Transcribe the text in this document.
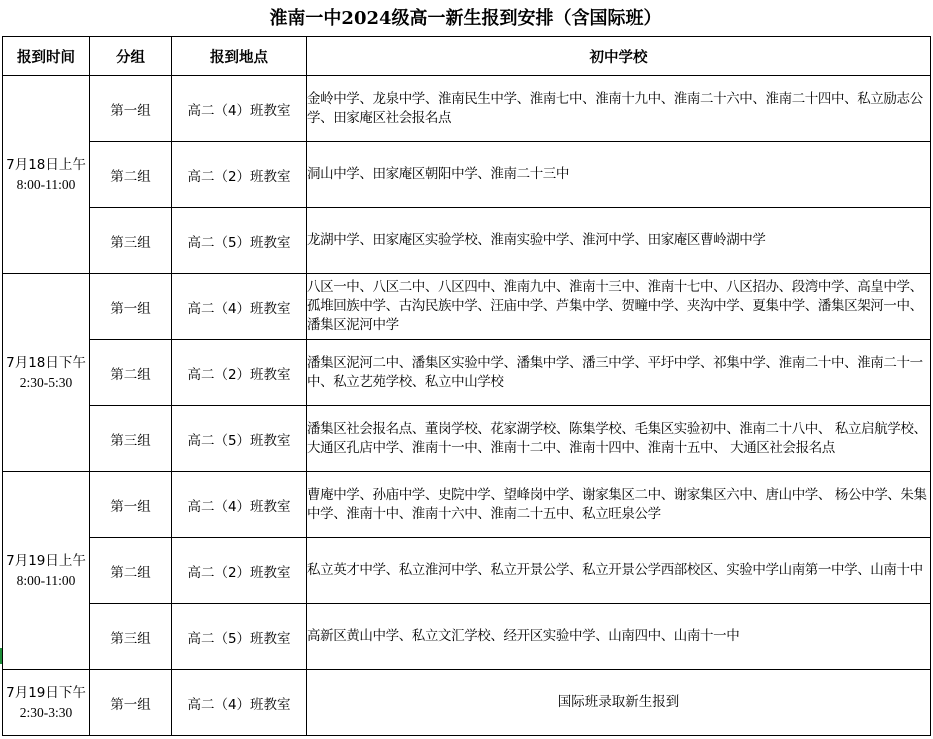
淮南一中2024级高一新生报到安排（含国际班）
报到时间	分组	报到地点	初中学校

7月18日上午
8:00-11:00	第一组	高二（4）班教室	金岭中学、龙泉中学、淮南民生中学、淮南七中、淮南十九中、淮南二十六中、淮南二十四中、私立励志公学、田家庵区社会报名点
	第二组	高二（2）班教室	洞山中学、田家庵区朝阳中学、淮南二十三中
	第三组	高二（5）班教室	龙湖中学、田家庵区实验学校、淮南实验中学、淮河中学、田家庵区曹岭湖中学

7月18日下午
2:30-5:30	第一组	高二（4）班教室	八区一中、八区二中、八区四中、淮南九中、淮南十三中、淮南十七中、八区招办、段湾中学、高皇中学、孤堆回族中学、古沟民族中学、汪庙中学、芦集中学、贺疃中学、夹沟中学、夏集中学、潘集区架河一中、潘集区泥河中学
	第二组	高二（2）班教室	潘集区泥河二中、潘集区实验中学、潘集中学、潘三中学、平圩中学、祁集中学、淮南二十中、淮南二十一中、私立艺苑学校、私立中山学校
	第三组	高二（5）班教室	潘集区社会报名点、董岗学校、花家湖学校、陈集学校、毛集区实验初中、淮南二十八中、 私立启航学校、大通区孔店中学、淮南十一中、淮南十二中、淮南十四中、淮南十五中、 大通区社会报名点

7月19日上午
8:00-11:00	第一组	高二（4）班教室	曹庵中学、孙庙中学、史院中学、望峰岗中学、谢家集区二中、谢家集区六中、唐山中学、 杨公中学、朱集中学、淮南十中、淮南十六中、淮南二十五中、私立旺泉公学
	第二组	高二（2）班教室	私立英才中学、私立淮河中学、私立开景公学、私立开景公学西部校区、实验中学山南第一中学、山南十中
	第三组	高二（5）班教室	高新区黄山中学、私立文汇学校、经开区实验中学、山南四中、山南十一中

7月19日下午
2:30-3:30	第一组	高二（4）班教室	国际班录取新生报到
